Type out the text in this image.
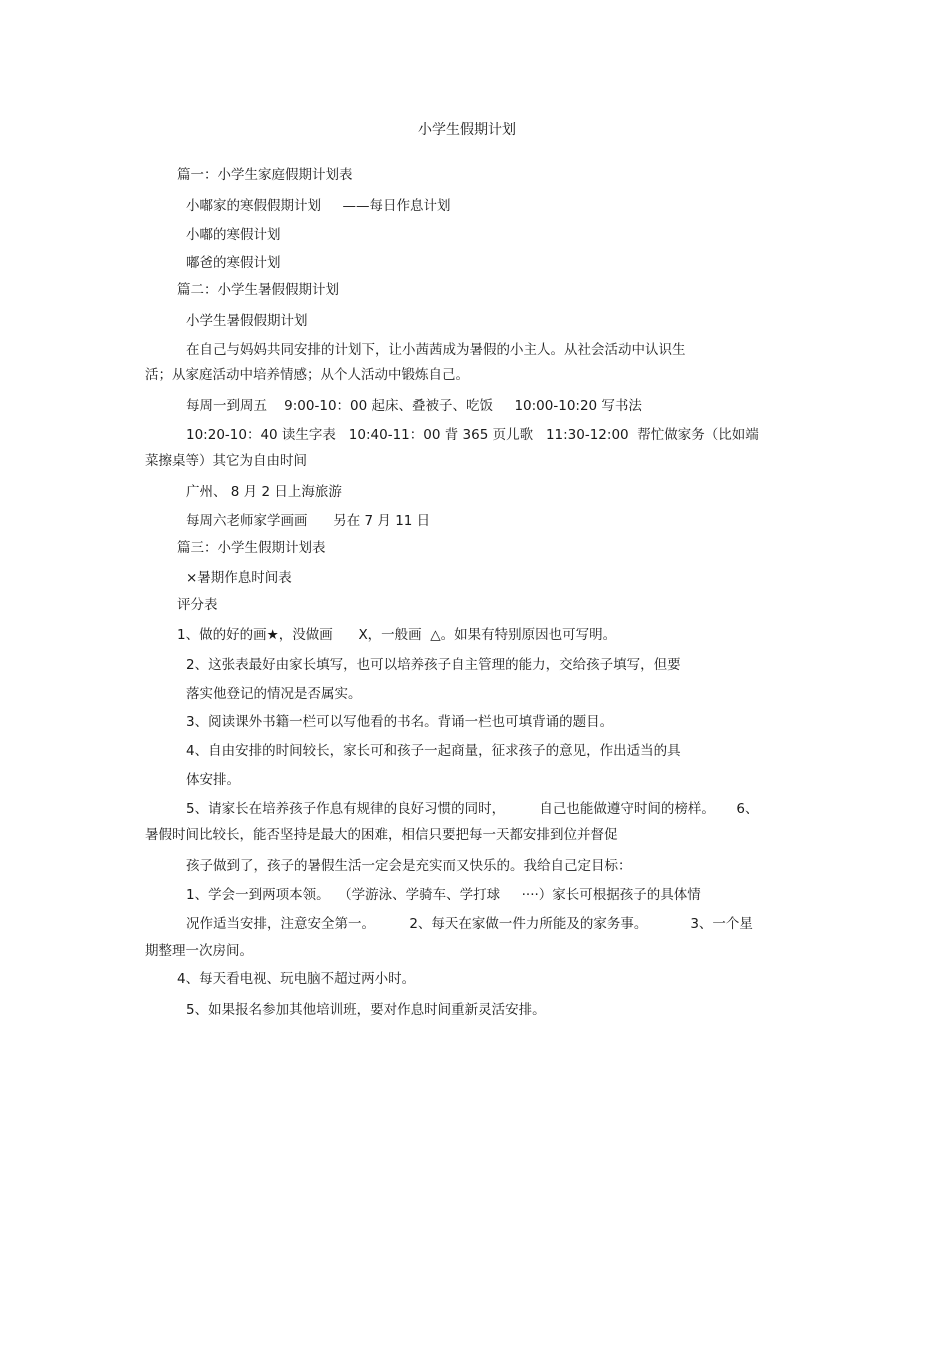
小学生假期计划
篇一：小学生家庭假期计划表
小嘟家的寒假假期计划     ——每日作息计划
小嘟的寒假计划
嘟爸的寒假计划
篇二：小学生暑假假期计划
小学生暑假假期计划
在自己与妈妈共同安排的计划下，让小茜茜成为暑假的小主人。从社会活动中认识生
活；从家庭活动中培养情感；从个人活动中锻炼自己。
每周一到周五    9:00-10：00 起床、叠被子、吃饭     10:00-10:20 写书法
10:20-10：40 读生字表   10:40-11：00 背 365 页儿歌   11:30-12:00  帮忙做家务（比如端
菜擦桌等）其它为自由时间
广州、 8 月 2 日上海旅游
每周六老师家学画画      另在 7 月 11 日
篇三：小学生假期计划表
×暑期作息时间表
评分表
1、做的好的画★，没做画      X，一般画  △。如果有特别原因也可写明。
2、这张表最好由家长填写，也可以培养孩子自主管理的能力，交给孩子填写，但要
落实他登记的情况是否属实。
3、阅读课外书籍一栏可以写他看的书名。背诵一栏也可填背诵的题目。
4、自由安排的时间较长，家长可和孩子一起商量，征求孩子的意见，作出适当的具
体安排。
5、请家长在培养孩子作息有规律的良好习惯的同时，        自己也能做遵守时间的榜样。     6、
暑假时间比较长，能否坚持是最大的困难，相信只要把每一天都安排到位并督促
孩子做到了，孩子的暑假生活一定会是充实而又快乐的。我给自己定目标：
1、学会一到两项本领。  （学游泳、学骑车、学打球     ····）家长可根据孩子的具体情
况作适当安排，注意安全第一。        2、每天在家做一件力所能及的家务事。          3、一个星
期整理一次房间。
4、每天看电视、玩电脑不超过两小时。
5、如果报名参加其他培训班，要对作息时间重新灵活安排。
